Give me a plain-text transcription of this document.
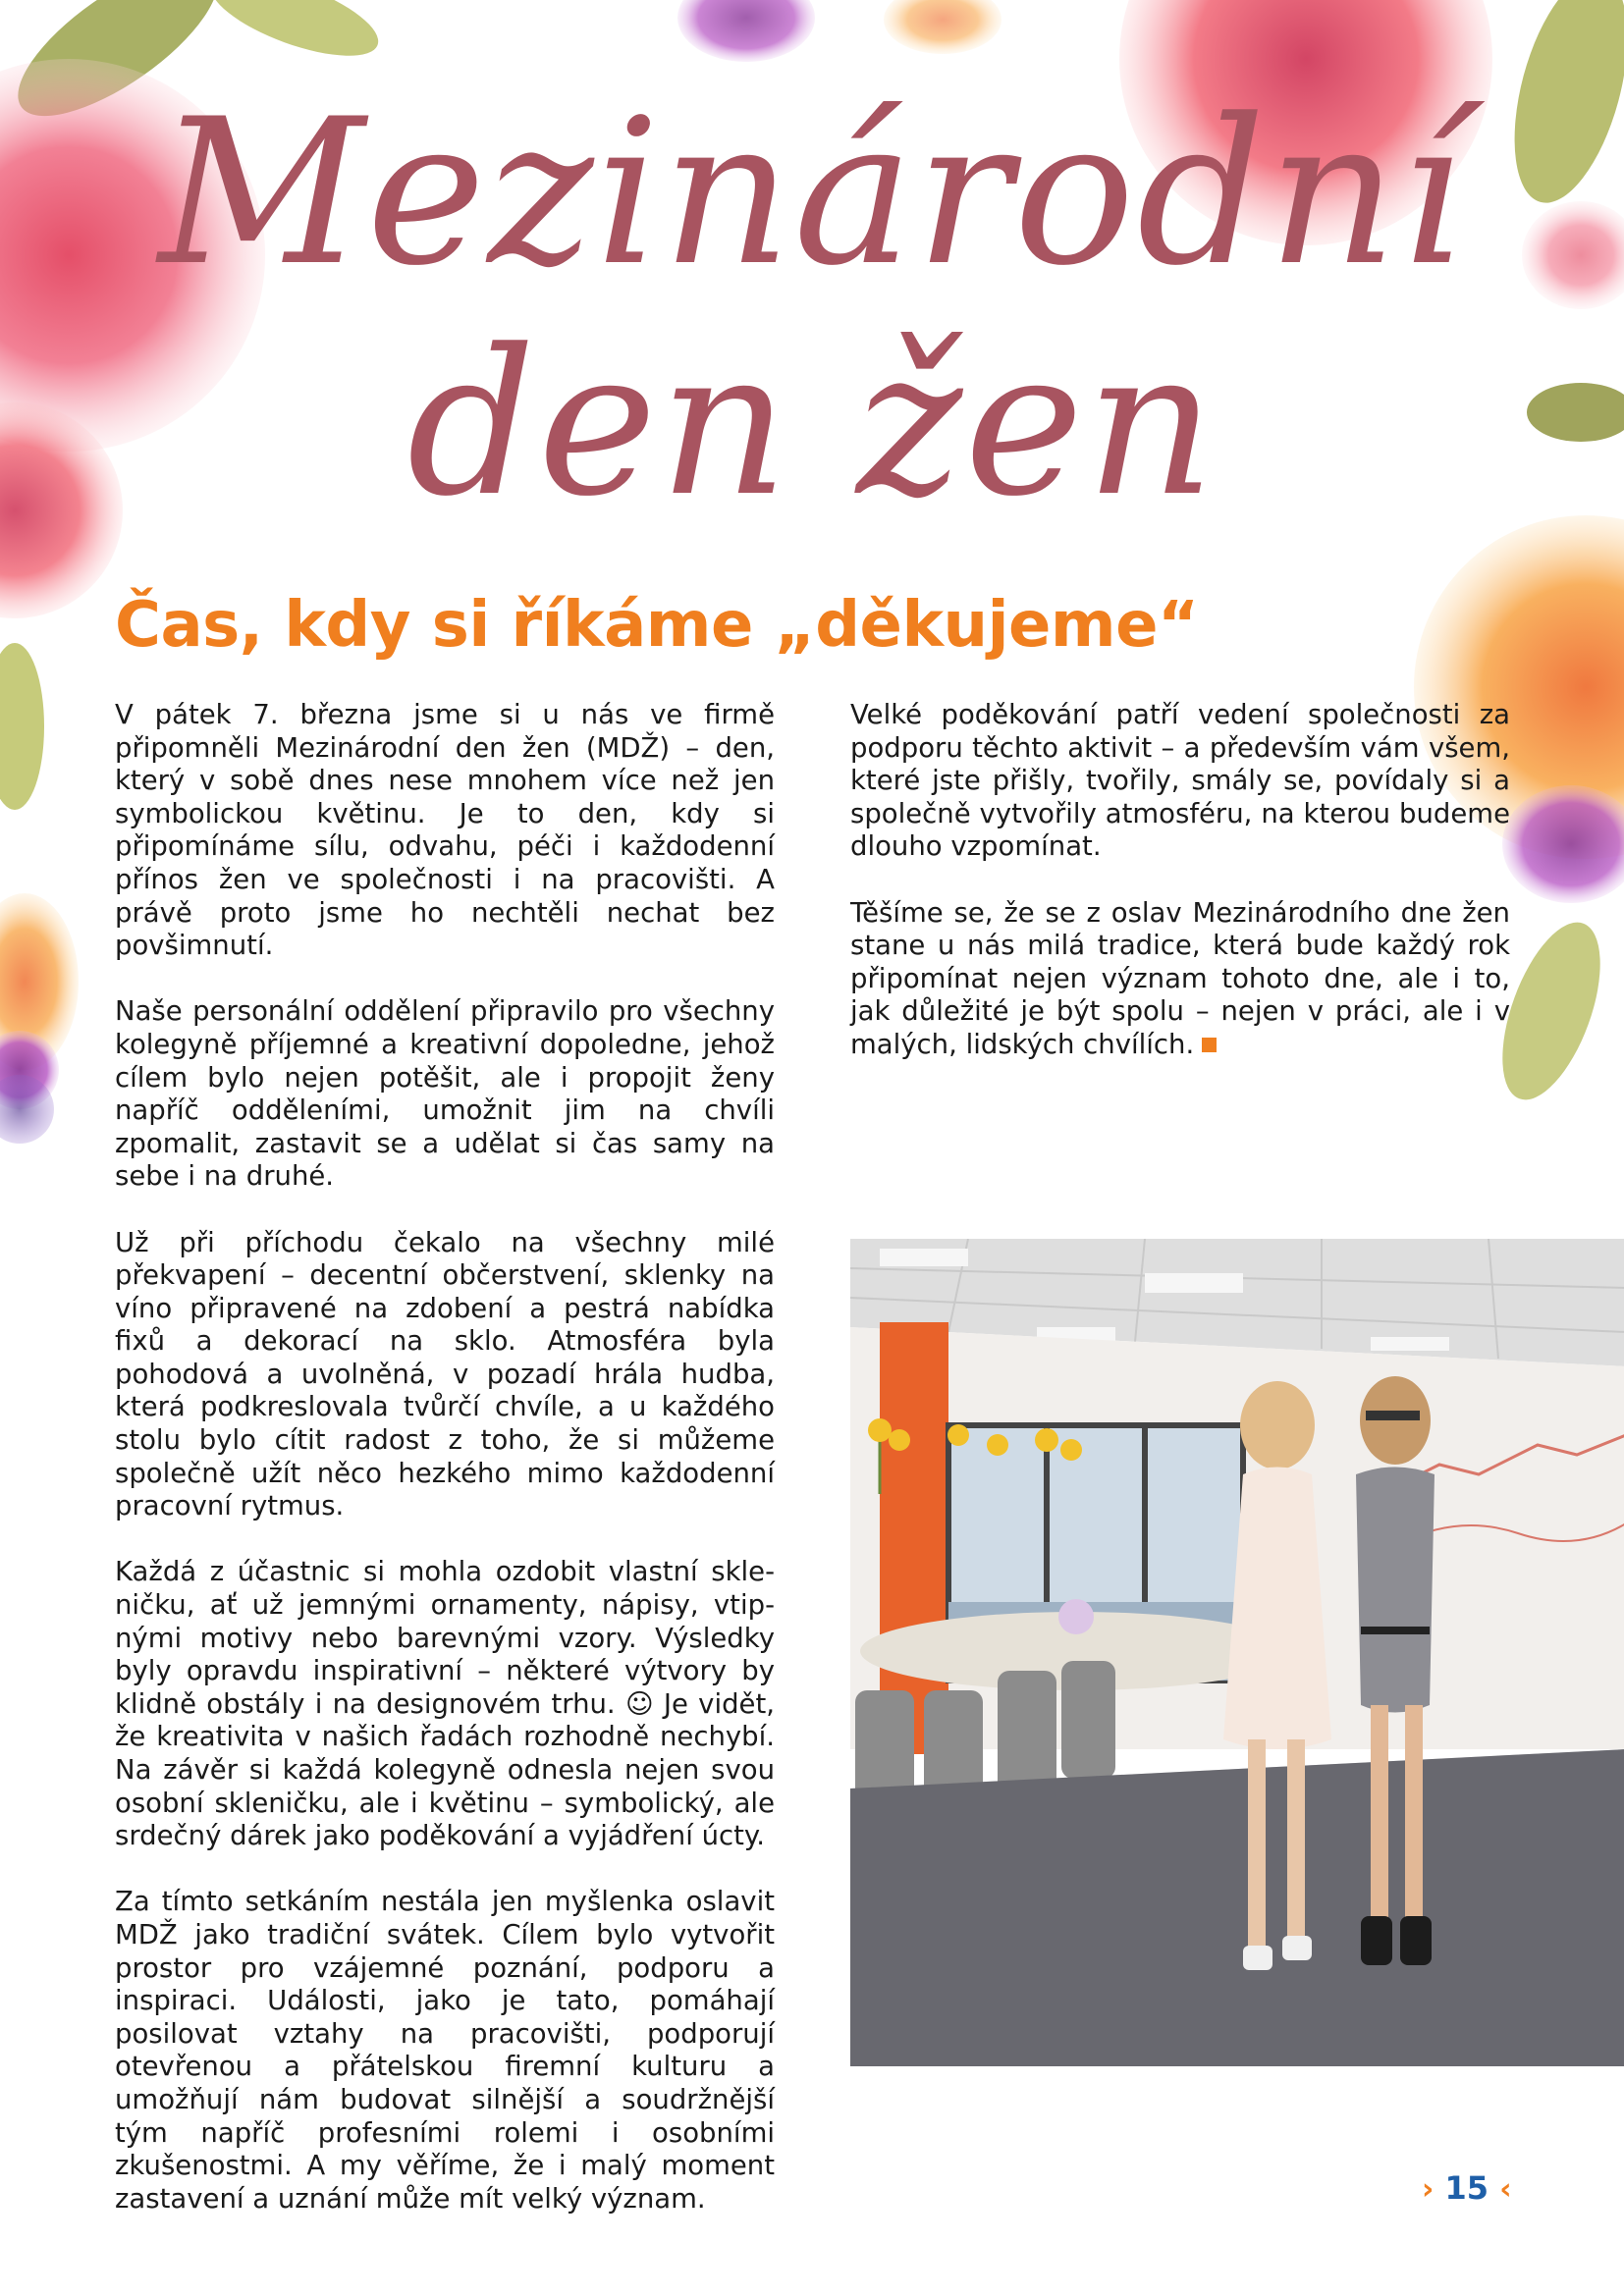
Mezinárodní
den žen
Čas, kdy si říkáme „děkujeme“

V pátek 7. března jsme si u nás ve firmě připomněli Mezinárodní den žen (MDŽ) – den, který v sobě dnes nese mnohem více než jen symbolickou květinu. Je to den, kdy si připomínáme sílu, odvahu, péči i každodenní přínos žen ve společnosti i na pracovišti. A právě proto jsme ho nechtěli nechat bez povšimnutí.

Naše personální oddělení připravilo pro všechny kolegyně příjemné a kreativní dopoledne, jehož cílem bylo nejen potěšit, ale i propojit ženy napříč odděleními, umožnit jim na chvíli zpomalit, zastavit se a udělat si čas samy na sebe i na druhé.

Už při příchodu čekalo na všechny milé překvapení – decentní občerstvení, sklenky na víno připravené na zdobení a pestrá nabídka fixů a dekorací na sklo. Atmosféra byla pohodová a uvolněná, v pozadí hrála hudba, která podkreslovala tvůrčí chvíle, a u každého stolu bylo cítit radost z toho, že si můžeme společně užít něco hezkého mimo každodenní pracovní rytmus.

Každá z účastnic si mohla ozdobit vlastní skleničku, ať už jemnými ornamenty, nápisy, vtipnými motivy nebo barevnými vzory. Výsledky byly opravdu inspirativní – některé výtvory by klidně obstály i na designovém trhu. ☺ Je vidět, že kreativita v našich řadách rozhodně nechybí. Na závěr si každá kolegyně odnesla nejen svou osobní skleničku, ale i květinu – symbolický, ale srdečný dárek jako poděkování a vyjádření úcty.

Za tímto setkáním nestála jen myšlenka oslavit MDŽ jako tradiční svátek. Cílem bylo vytvořit prostor pro vzájemné poznání, podporu a inspiraci. Události, jako je tato, pomáhají posilovat vztahy na pracovišti, podporují otevřenou a přátelskou firemní kulturu a umožňují nám budovat silnější a soudržnější tým napříč profesními rolemi i osobními zkušenostmi. A my věříme, že i malý moment zastavení a uznání může mít velký význam.

Velké poděkování patří vedení společnosti za podporu těchto aktivit – a především vám všem, které jste přišly, tvořily, smály se, povídaly si a společně vytvořily atmosféru, na kterou budeme dlouho vzpomínat.

Těšíme se, že se z oslav Mezinárodního dne žen stane u nás milá tradice, která bude každý rok připomínat nejen význam tohoto dne, ale i to, jak důležité je být spolu – nejen v práci, ale i v malých, lidských chvílích.

› 15 ‹
